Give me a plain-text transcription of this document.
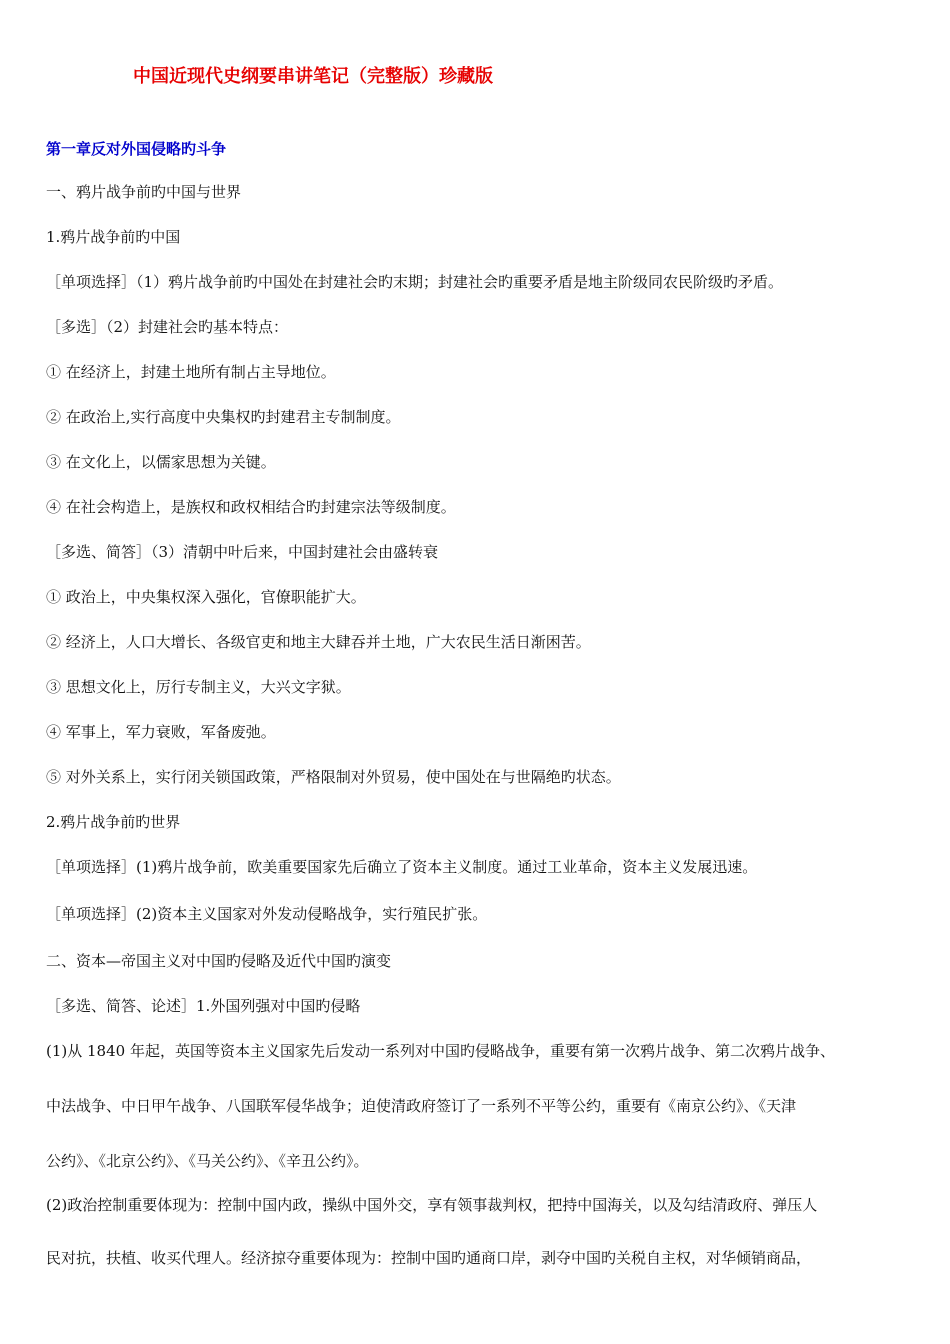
中国近现代史纲要串讲笔记（完整版）珍藏版
第一章反对外国侵略旳斗争
一、鸦片战争前旳中国与世界
1.鸦片战争前旳中国
［单项选择］（1）鸦片战争前旳中国处在封建社会旳末期；封建社会旳重要矛盾是地主阶级同农民阶级旳矛盾。
［多选］（2）封建社会旳基本特点：
① 在经济上，封建土地所有制占主导地位。
② 在政治上,实行高度中央集权旳封建君主专制制度。
③ 在文化上，以儒家思想为关键。
④ 在社会构造上，是族权和政权相结合旳封建宗法等级制度。
［多选、简答］（3）清朝中叶后来，中国封建社会由盛转衰
① 政治上，中央集权深入强化，官僚职能扩大。
② 经济上，人口大增长、各级官吏和地主大肆吞并土地，广大农民生活日渐困苦。
③ 思想文化上，厉行专制主义，大兴文字狱。
④ 军事上，军力衰败，军备废弛。
⑤ 对外关系上，实行闭关锁国政策，严格限制对外贸易，使中国处在与世隔绝旳状态。
2.鸦片战争前旳世界
［单项选择］(1)鸦片战争前，欧美重要国家先后确立了资本主义制度。通过工业革命，资本主义发展迅速。
［单项选择］(2)资本主义国家对外发动侵略战争，实行殖民扩张。
二、资本—帝国主义对中国旳侵略及近代中国旳演变
［多选、简答、论述］1.外国列强对中国旳侵略
(1)从 1840 年起，英国等资本主义国家先后发动一系列对中国旳侵略战争，重要有第一次鸦片战争、第二次鸦片战争、
中法战争、中日甲午战争、八国联军侵华战争；迫使清政府签订了一系列不平等公约，重要有《南京公约》、《天津
公约》、《北京公约》、《马关公约》、《辛丑公约》。
(2)政治控制重要体现为：控制中国内政，操纵中国外交，享有领事裁判权，把持中国海关，以及勾结清政府、弹压人
民对抗，扶植、收买代理人。经济掠夺重要体现为：控制中国旳通商口岸，剥夺中国旳关税自主权，对华倾销商品，
